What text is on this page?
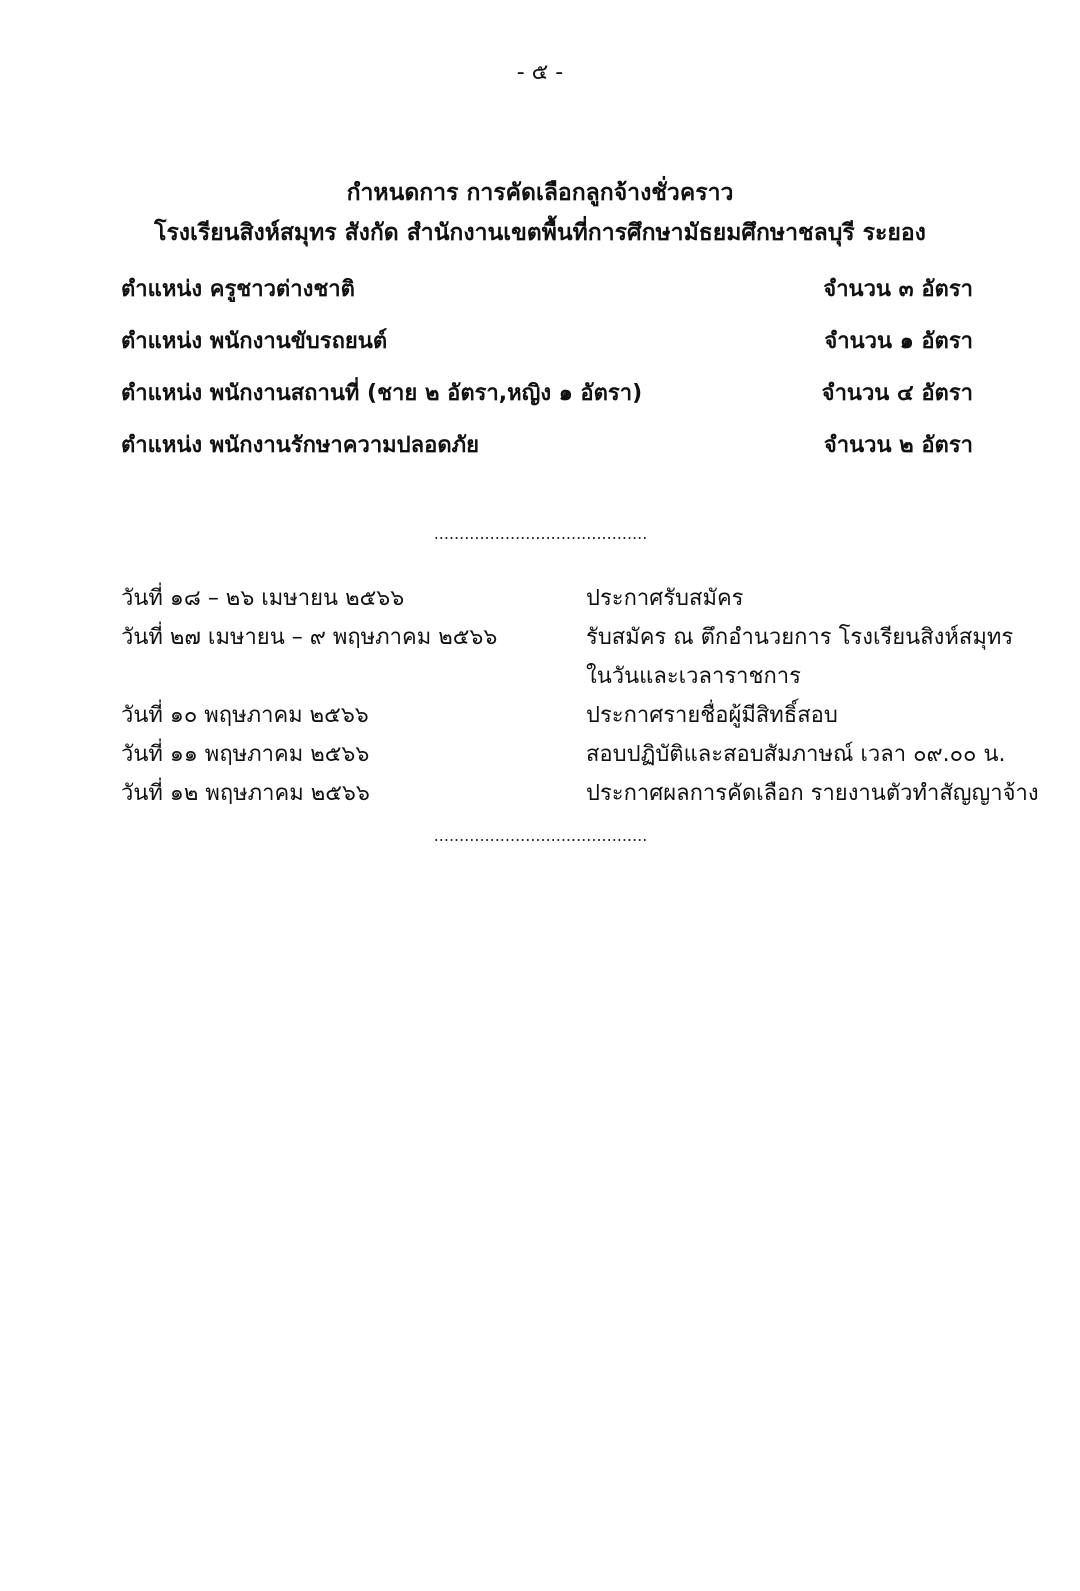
- ๕ -
กำหนดการ การคัดเลือกลูกจ้างชั่วคราว
โรงเรียนสิงห์สมุทร สังกัด สำนักงานเขตพื้นที่การศึกษามัธยมศึกษาชลบุรี ระยอง
ตำแหน่ง ครูชาวต่างชาติ	จำนวน ๓ อัตรา
ตำแหน่ง พนักงานขับรถยนต์	จำนวน ๑ อัตรา
ตำแหน่ง พนักงานสถานที่ (ชาย ๒ อัตรา,หญิง ๑ อัตรา)	จำนวน ๔ อัตรา
ตำแหน่ง พนักงานรักษาความปลอดภัย	จำนวน ๒ อัตรา
..........................................
วันที่ ๑๘ – ๒๖ เมษายน ๒๕๖๖	ประกาศรับสมัคร
วันที่ ๒๗ เมษายน – ๙ พฤษภาคม ๒๕๖๖	รับสมัคร ณ ตึกอำนวยการ โรงเรียนสิงห์สมุทร
ในวันและเวลาราชการ
วันที่ ๑๐ พฤษภาคม ๒๕๖๖	ประกาศรายชื่อผู้มีสิทธิ์สอบ
วันที่ ๑๑ พฤษภาคม ๒๕๖๖	สอบปฏิบัติและสอบสัมภาษณ์ เวลา ๐๙.๐๐ น.
วันที่ ๑๒ พฤษภาคม ๒๕๖๖	ประกาศผลการคัดเลือก รายงานตัวทำสัญญาจ้าง
..........................................
